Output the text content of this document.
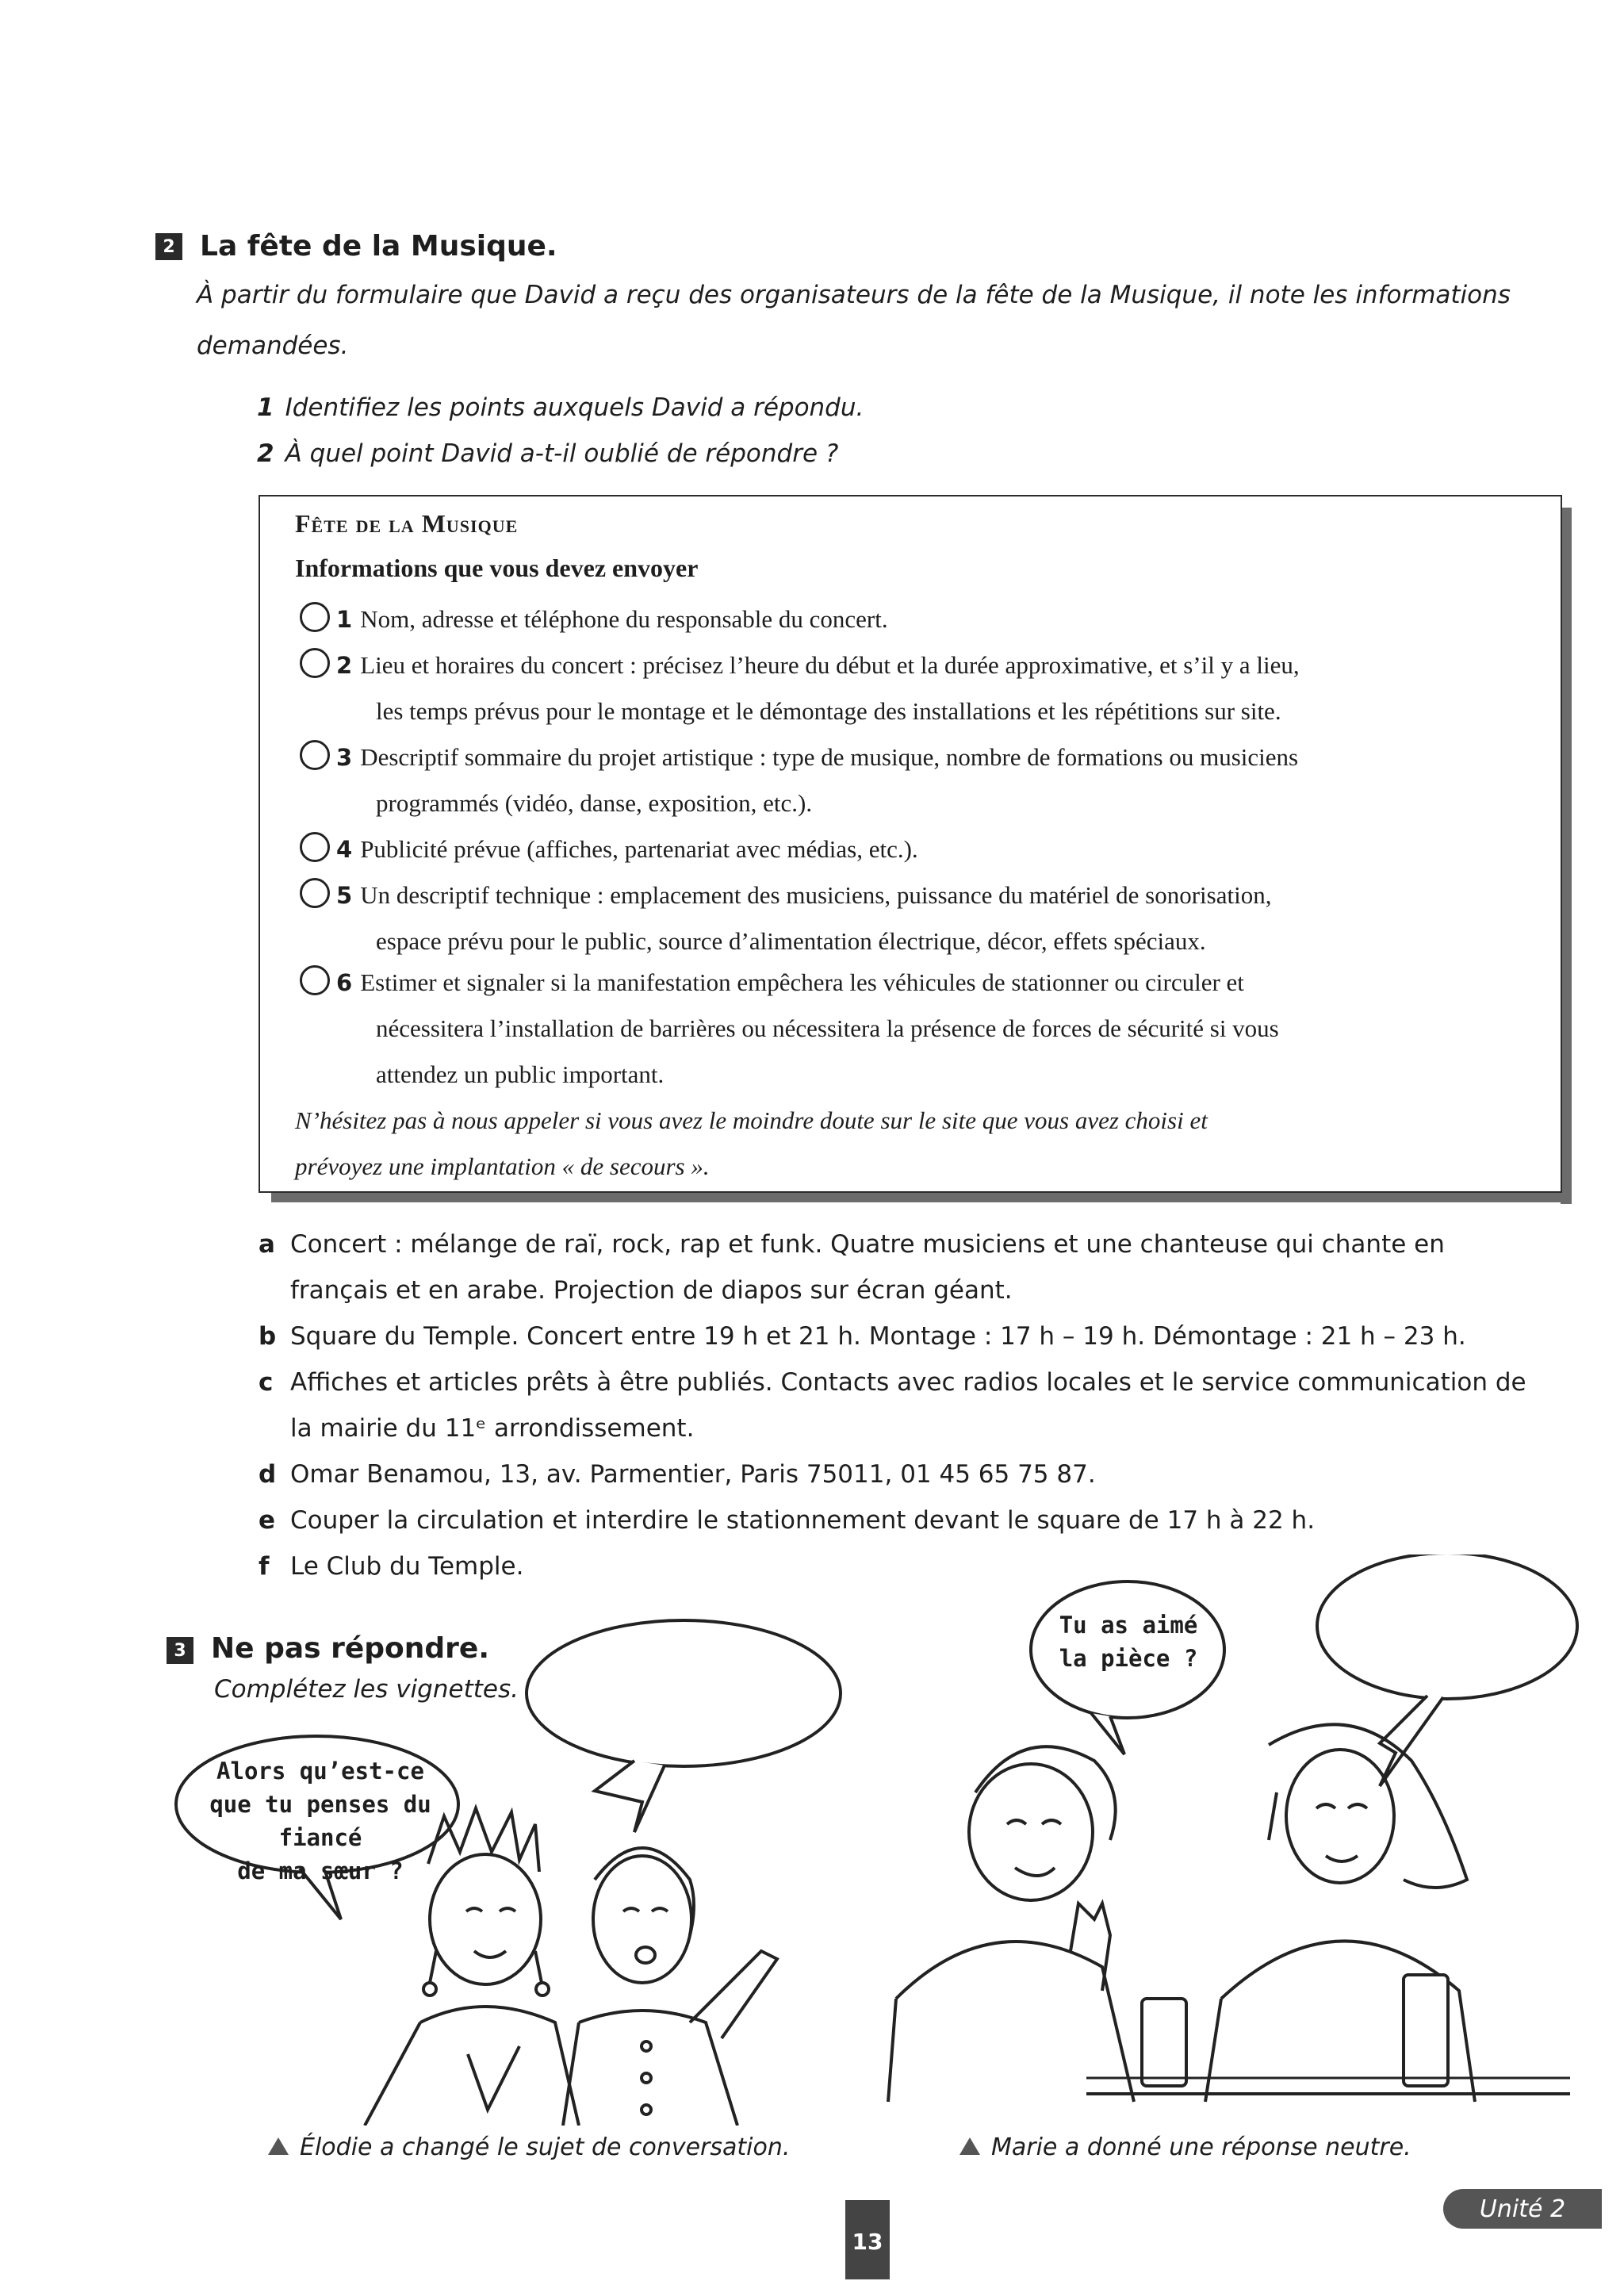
2 La fête de la Musique.
À partir du formulaire que David a reçu des organisateurs de la fête de la Musique, il note les informations demandées.
1 Identifiez les points auxquels David a répondu.
2 À quel point David a-t-il oublié de répondre ?
Fête de la Musique
Informations que vous devez envoyer
1 Nom, adresse et téléphone du responsable du concert.
2 Lieu et horaires du concert : précisez l’heure du début et la durée approximative, et s’il y a lieu,
les temps prévus pour le montage et le démontage des installations et les répétitions sur site.
3 Descriptif sommaire du projet artistique : type de musique, nombre de formations ou musiciens
programmés (vidéo, danse, exposition, etc.).
4 Publicité prévue (affiches, partenariat avec médias, etc.).
5 Un descriptif technique : emplacement des musiciens, puissance du matériel de sonorisation,
espace prévu pour le public, source d’alimentation électrique, décor, effets spéciaux.
6 Estimer et signaler si la manifestation empêchera les véhicules de stationner ou circuler et
nécessitera l’installation de barrières ou nécessitera la présence de forces de sécurité si vous
attendez un public important.
N’hésitez pas à nous appeler si vous avez le moindre doute sur le site que vous avez choisi et
prévoyez une implantation « de secours ».
a Concert : mélange de raï, rock, rap et funk. Quatre musiciens et une chanteuse qui chante en
français et en arabe. Projection de diapos sur écran géant.
b Square du Temple. Concert entre 19 h et 21 h. Montage : 17 h – 19 h. Démontage : 21 h – 23 h.
c Affiches et articles prêts à être publiés. Contacts avec radios locales et le service communication de
la mairie du 11ᵉ arrondissement.
d Omar Benamou, 13, av. Parmentier, Paris 75011, 01 45 65 75 87.
e Couper la circulation et interdire le stationnement devant le square de 17 h à 22 h.
f Le Club du Temple.
3 Ne pas répondre.
Complétez les vignettes.
Alors qu’est-ce
que tu penses du fiancé
de ma sœur ?
Tu as aimé
la pièce ?
Élodie a changé le sujet de conversation.	Marie a donné une réponse neutre.
13
Unité 2
